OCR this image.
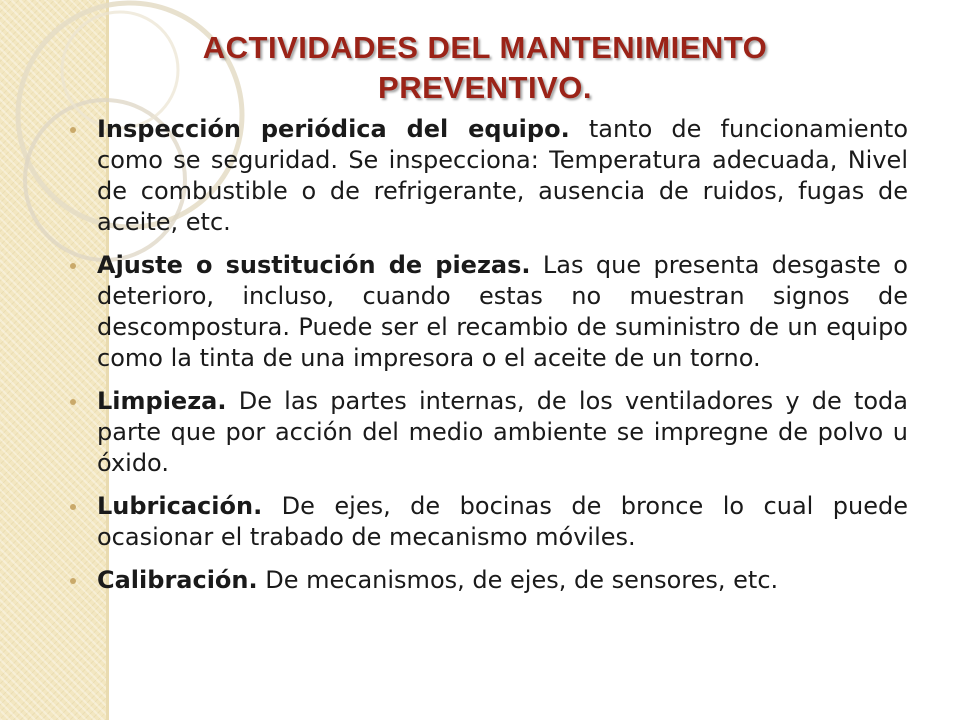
ACTIVIDADES DEL MANTENIMIENTO
PREVENTIVO.
Inspección periódica del equipo. tanto de funcionamiento como se seguridad. Se inspecciona: Temperatura adecuada, Nivel de combustible o de refrigerante, ausencia de ruidos, fugas de aceite, etc.
Ajuste o sustitución de piezas. Las que presenta desgaste o deterioro, incluso, cuando estas no muestran signos de descompostura. Puede ser el recambio de suministro de un equipo como la tinta de una impresora o el aceite de un torno.
Limpieza. De las partes internas, de los ventiladores y de toda parte que por acción del medio ambiente se impregne de polvo u óxido.
Lubricación. De ejes, de bocinas de bronce lo cual puede ocasionar el trabado de mecanismo móviles.
Calibración. De mecanismos, de ejes, de sensores, etc.
